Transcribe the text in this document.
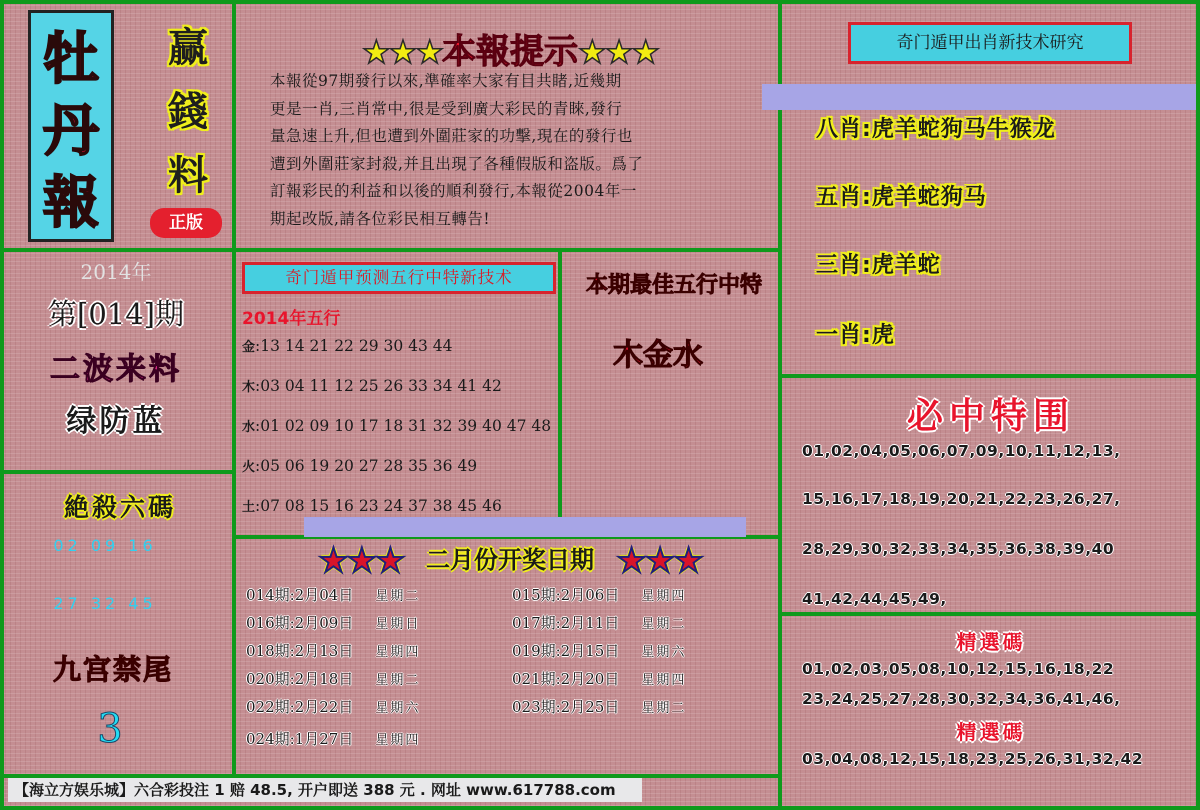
牡
丹
報
赢
錢
料
正版
★★★本報提示★★★
本報從97期發行以來,準確率大家有目共睹,近幾期
更是一肖,三肖常中,很是受到廣大彩民的青睞,發行
量急速上升,但也遭到外圍莊家的功擊,現在的發行也
遭到外圍莊家封殺,并且出現了各種假版和盗版。爲了
訂報彩民的利益和以後的順利發行,本報從2004年一
期起改版,請各位彩民相互轉告!
2014年
第[014]期
二波来料
绿防蓝
絶殺六碼
02 09 16
27 32 45
九宫禁尾
3
奇门遁甲预测五行中特新技术
2014年五行
金:13 14 21 22 29 30 43 44
木:03 04 11 12 25 26 33 34 41 42
水:01 02 09 10 17 18 31 32 39 40 47 48
火:05 06 19 20 27 28 35 36 49
土:07 08 15 16 23 24 37 38 45 46
本期最佳五行中特
木金水
★★★ 二月份开奖日期 ★★★
014期:2月04日 星期二	015期:2月06日 星期四
016期:2月09日 星期日	017期:2月11日 星期二
018期:2月13日 星期四	019期:2月15日 星期六
020期:2月18日 星期二	021期:2月20日 星期四
022期:2月22日 星期六	023期:2月25日 星期二
024期:1月27日 星期四
奇门遁甲出肖新技术研究
八肖:虎羊蛇狗马牛猴龙
五肖:虎羊蛇狗马
三肖:虎羊蛇
一肖:虎
必中特围
01,02,04,05,06,07,09,10,11,12,13,
15,16,17,18,19,20,21,22,23,26,27,
28,29,30,32,33,34,35,36,38,39,40
41,42,44,45,49,
精選碼
01,02,03,05,08,10,12,15,16,18,22
23,24,25,27,28,30,32,34,36,41,46,
精選碼
03,04,08,12,15,18,23,25,26,31,32,42
【海立方娱乐城】六合彩投注 1 赔 48.5, 开户即送 388 元 . 网址 www.617788.com
